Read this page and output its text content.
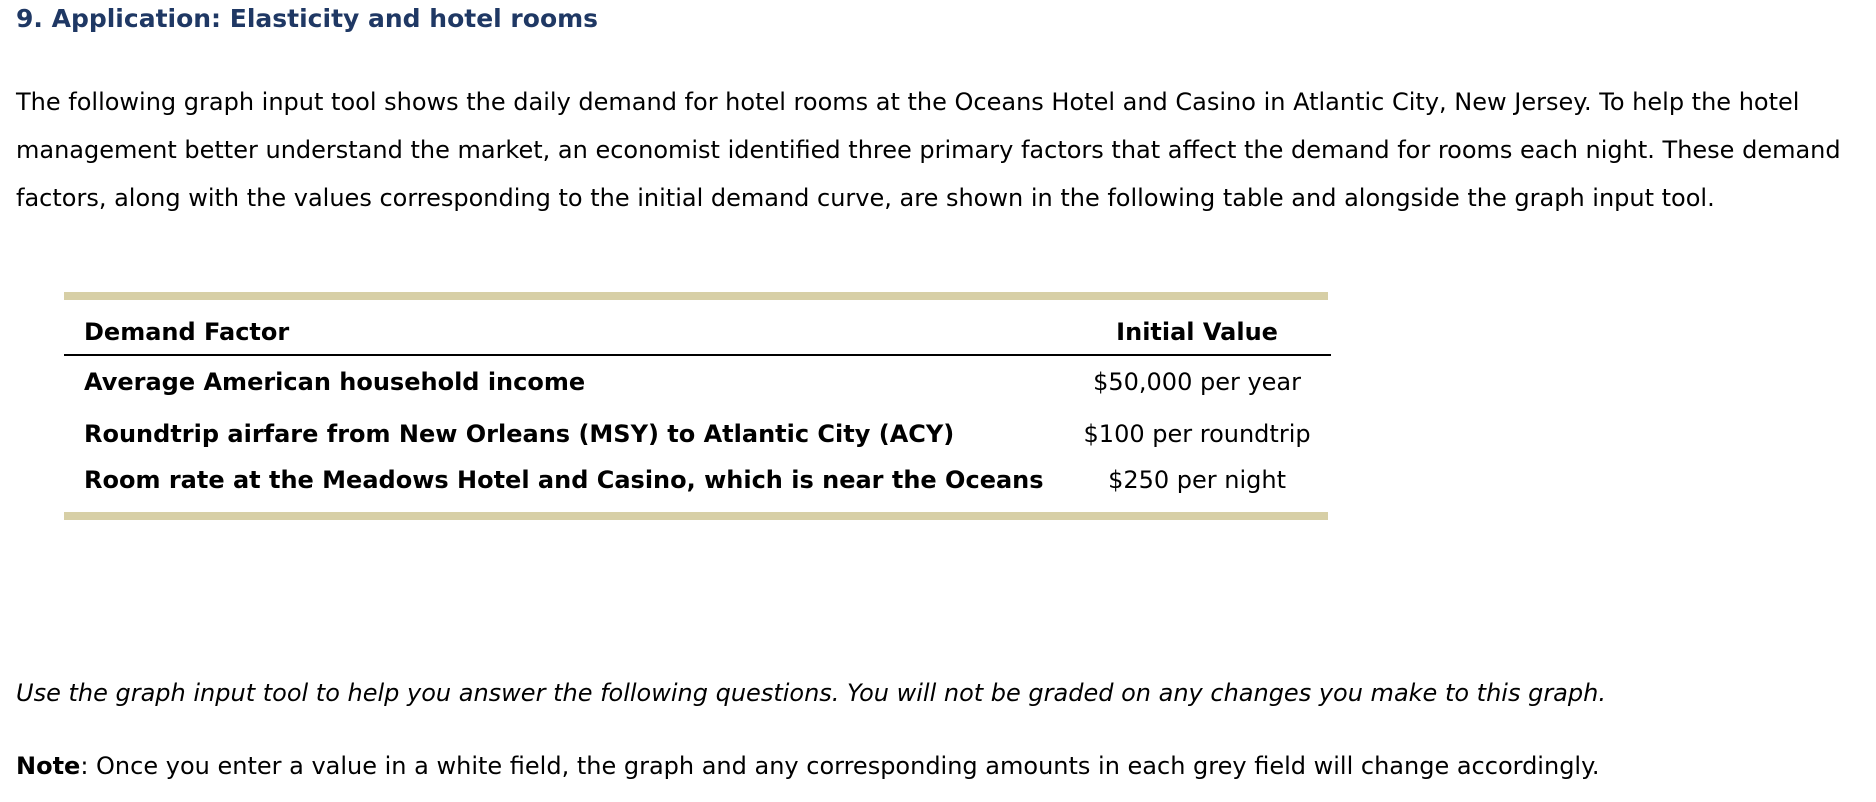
9. Application: Elasticity and hotel rooms

The following graph input tool shows the daily demand for hotel rooms at the Oceans Hotel and Casino in Atlantic City, New Jersey. To help the hotel management better understand the market, an economist identified three primary factors that affect the demand for rooms each night. These demand factors, along with the values corresponding to the initial demand curve, are shown in the following table and alongside the graph input tool.

Demand Factor	Initial Value
Average American household income	$50,000 per year
Roundtrip airfare from New Orleans (MSY) to Atlantic City (ACY)	$100 per roundtrip
Room rate at the Meadows Hotel and Casino, which is near the Oceans	$250 per night

Use the graph input tool to help you answer the following questions. You will not be graded on any changes you make to this graph.

Note: Once you enter a value in a white field, the graph and any corresponding amounts in each grey field will change accordingly.
